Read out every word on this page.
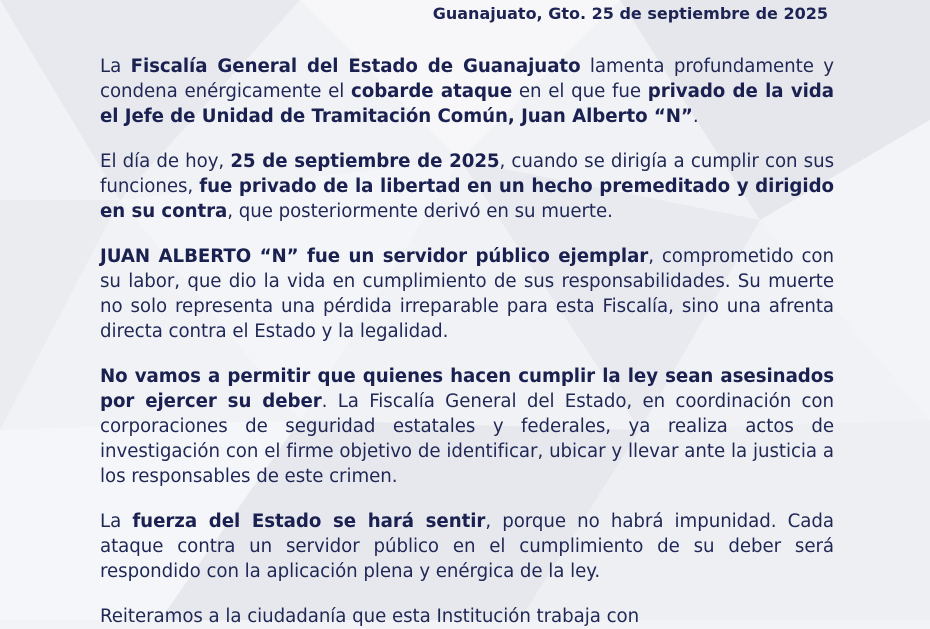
Guanajuato, Gto. 25 de septiembre de 2025

La Fiscalía General del Estado de Guanajuato lamenta profundamente y condena enérgicamente el cobarde ataque en el que fue privado de la vida el Jefe de Unidad de Tramitación Común, Juan Alberto “N”.

El día de hoy, 25 de septiembre de 2025, cuando se dirigía a cumplir con sus funciones, fue privado de la libertad en un hecho premeditado y dirigido en su contra, que posteriormente derivó en su muerte.

JUAN ALBERTO “N” fue un servidor público ejemplar, comprometido con su labor, que dio la vida en cumplimiento de sus responsabilidades. Su muerte no solo representa una pérdida irreparable para esta Fiscalía, sino una afrenta directa contra el Estado y la legalidad.

No vamos a permitir que quienes hacen cumplir la ley sean asesinados por ejercer su deber. La Fiscalía General del Estado, en coordinación con corporaciones de seguridad estatales y federales, ya realiza actos de investigación con el firme objetivo de identificar, ubicar y llevar ante la justicia a los responsables de este crimen.

La fuerza del Estado se hará sentir, porque no habrá impunidad. Cada ataque contra un servidor público en el cumplimiento de su deber será respondido con la aplicación plena y enérgica de la ley.

Reiteramos a la ciudadanía que esta Institución trabaja con
